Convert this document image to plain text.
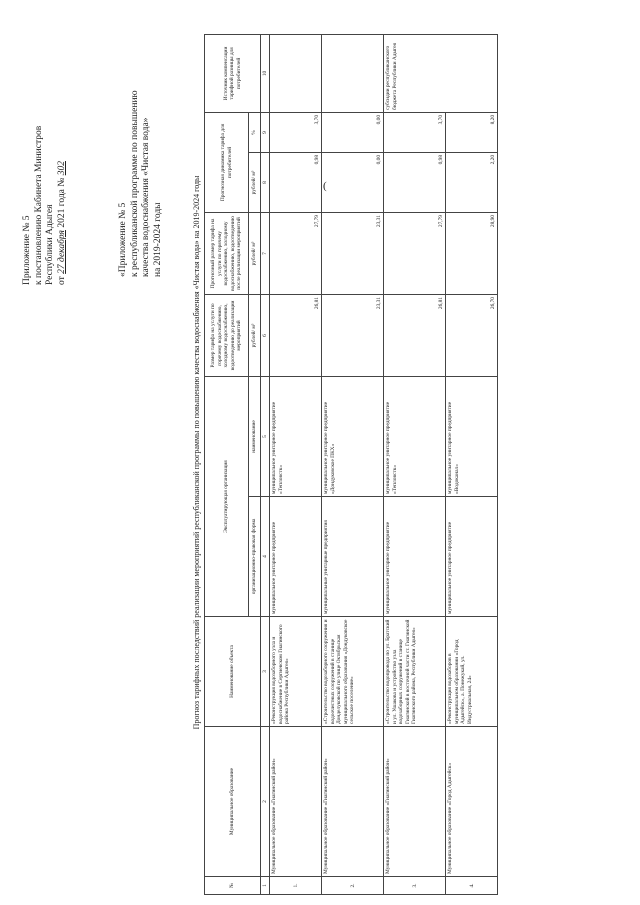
(
Приложение № 5 к постановлению Кабинета Министров Республики Адыгея от 27 декабря 2021 года № 302
«Приложение № 5 к республиканской программе по повышению качества водоснабжения «Чистая вода» на 2019-2024 годы	Прогноз тарифных последствий реализации мероприятий республиканской программы по повышению качества водоснабжения «Чистая вода» на 2019-2024 годы
№	Муниципальное образование	Наименование объекта	Эксплуатирующая организация		Размер тарифа на услуги по горячему водоснабжению, холодному водоснабжению, водоотведению до реализации мероприятий	Прогнозный размер тарифа на услуги по горячему водоснабжению, холодному водоснабжению, водоотведению после реализации мероприятий	Прогнозная динамика тарифа для потребителей		Источник компенсации тарифной разницы для потребителей
			организационно-правовая форма	наименование	рублей/ м³	рублей/ м³	рублей/ м³	%	
1	2	3	4	5	6	7	8	9	10
1.	Муниципальное образование «Гиагинский район»	«Реконструкция водозаборного узла и водоснабжение в Сергиевском Гиагинского района Республики Адыгея»	муниципальное унитарное предприятие	муниципальное унитарное предприятие «Тепловстк»	26,81	27,79	0,98	3,70	
2.	Муниципальное образование «Гиагинский район»	«Строительство водозаборного сооружения и водоочистных сооружений в станице Донделуковской по улице Октябрьская муниципального образования «Дондуковское сельское поселение»	муниципальные унитарные предприятия	муниципальное унитарное предприятие «Дондуковское ПКХ»	23,31	23,31	0,00	0,00	
3.	Муниципальное образование «Гиагинский район»	«Строительство водопровода по ул. Братский и ул. Ушакова и устройство узла водозаборных сооружений в станице Гиагинской в восточной части ст. Гиагинской Гиагинского района, Республики Адыгея»	муниципальное унитарное предприятие	муниципальное унитарное предприятие «Тепловстк»	26,81	27,79	0,98	3,70	субсидии республиканского бюджета Республики Адыгея
4.	Муниципальное образование «Город Адыгейск»	«Реконструкция водозаборов в муниципальном образовании «Город Адыгейск», а. Понежукай, ул. Индустриальная, 24»	муниципальное унитарное предприятие	муниципальное унитарное предприятие «Водоканал»	26,70	28,90	2,20	8,20	
